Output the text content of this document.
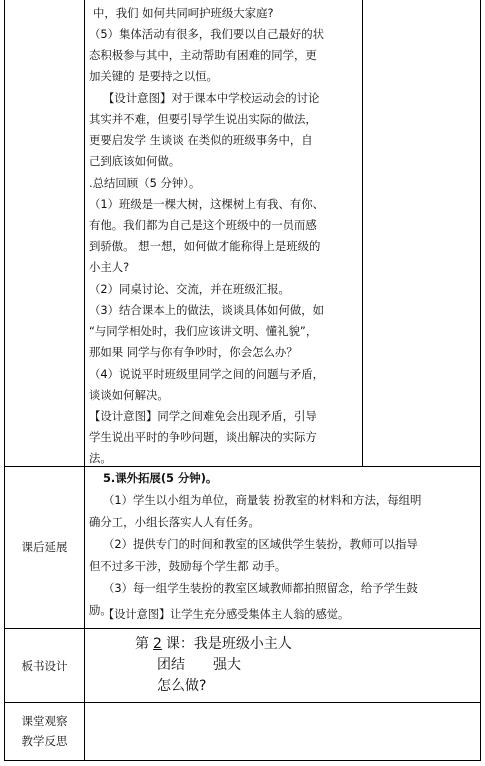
中，我们 如何共同呵护班级大家庭?
（5）集体活动有很多，我们要以自己最好的状
态积极参与其中，主动帮助有困难的同学，更
加关键的 是要持之以恒。
【设计意图】对于课本中学校运动会的讨论
其实并不难，但要引导学生说出实际的做法，
更要启发学 生谈谈 在类似的班级事务中，自
己到底该如何做。
.总结回顾（5 分钟）。
（1）班级是一棵大树，这棵树上有我、有你、
有他。我们都为自己是这个班级中的一员而感
到骄傲。 想一想，如何做才能称得上是班级的
小主人?
（2）同桌讨论、交流，并在班级汇报。
（3）结合课本上的做法，谈谈具体如何做，如
“与同学相处时，我们应该讲文明、懂礼貌”，
那如果 同学与你有争吵时，你会怎么办？
（4）说说平时班级里同学之间的问题与矛盾，
谈谈如何解决。
【设计意图】同学之间难免会出现矛盾，引导
学生说出平时的争吵问题，谈出解决的实际方
法。
课后延展
5.课外拓展(5 分钟)。
（1）学生以小组为单位，商量装 扮教室的材料和方法，每组明
确分工，小组长落实人人有任务。
（2）提供专门的时间和教室的区域供学生装扮，教师可以指导
但不过多干涉，鼓励每个学生都 动手。
（3）每一组学生装扮的教室区域教师都拍照留念，给予学生鼓
励。
【设计意图】让学生充分感受集体主人翁的感觉。
板书设计
第 2 课：我是班级小主人
团结 强大
怎么做?
课堂观察
教学反思
